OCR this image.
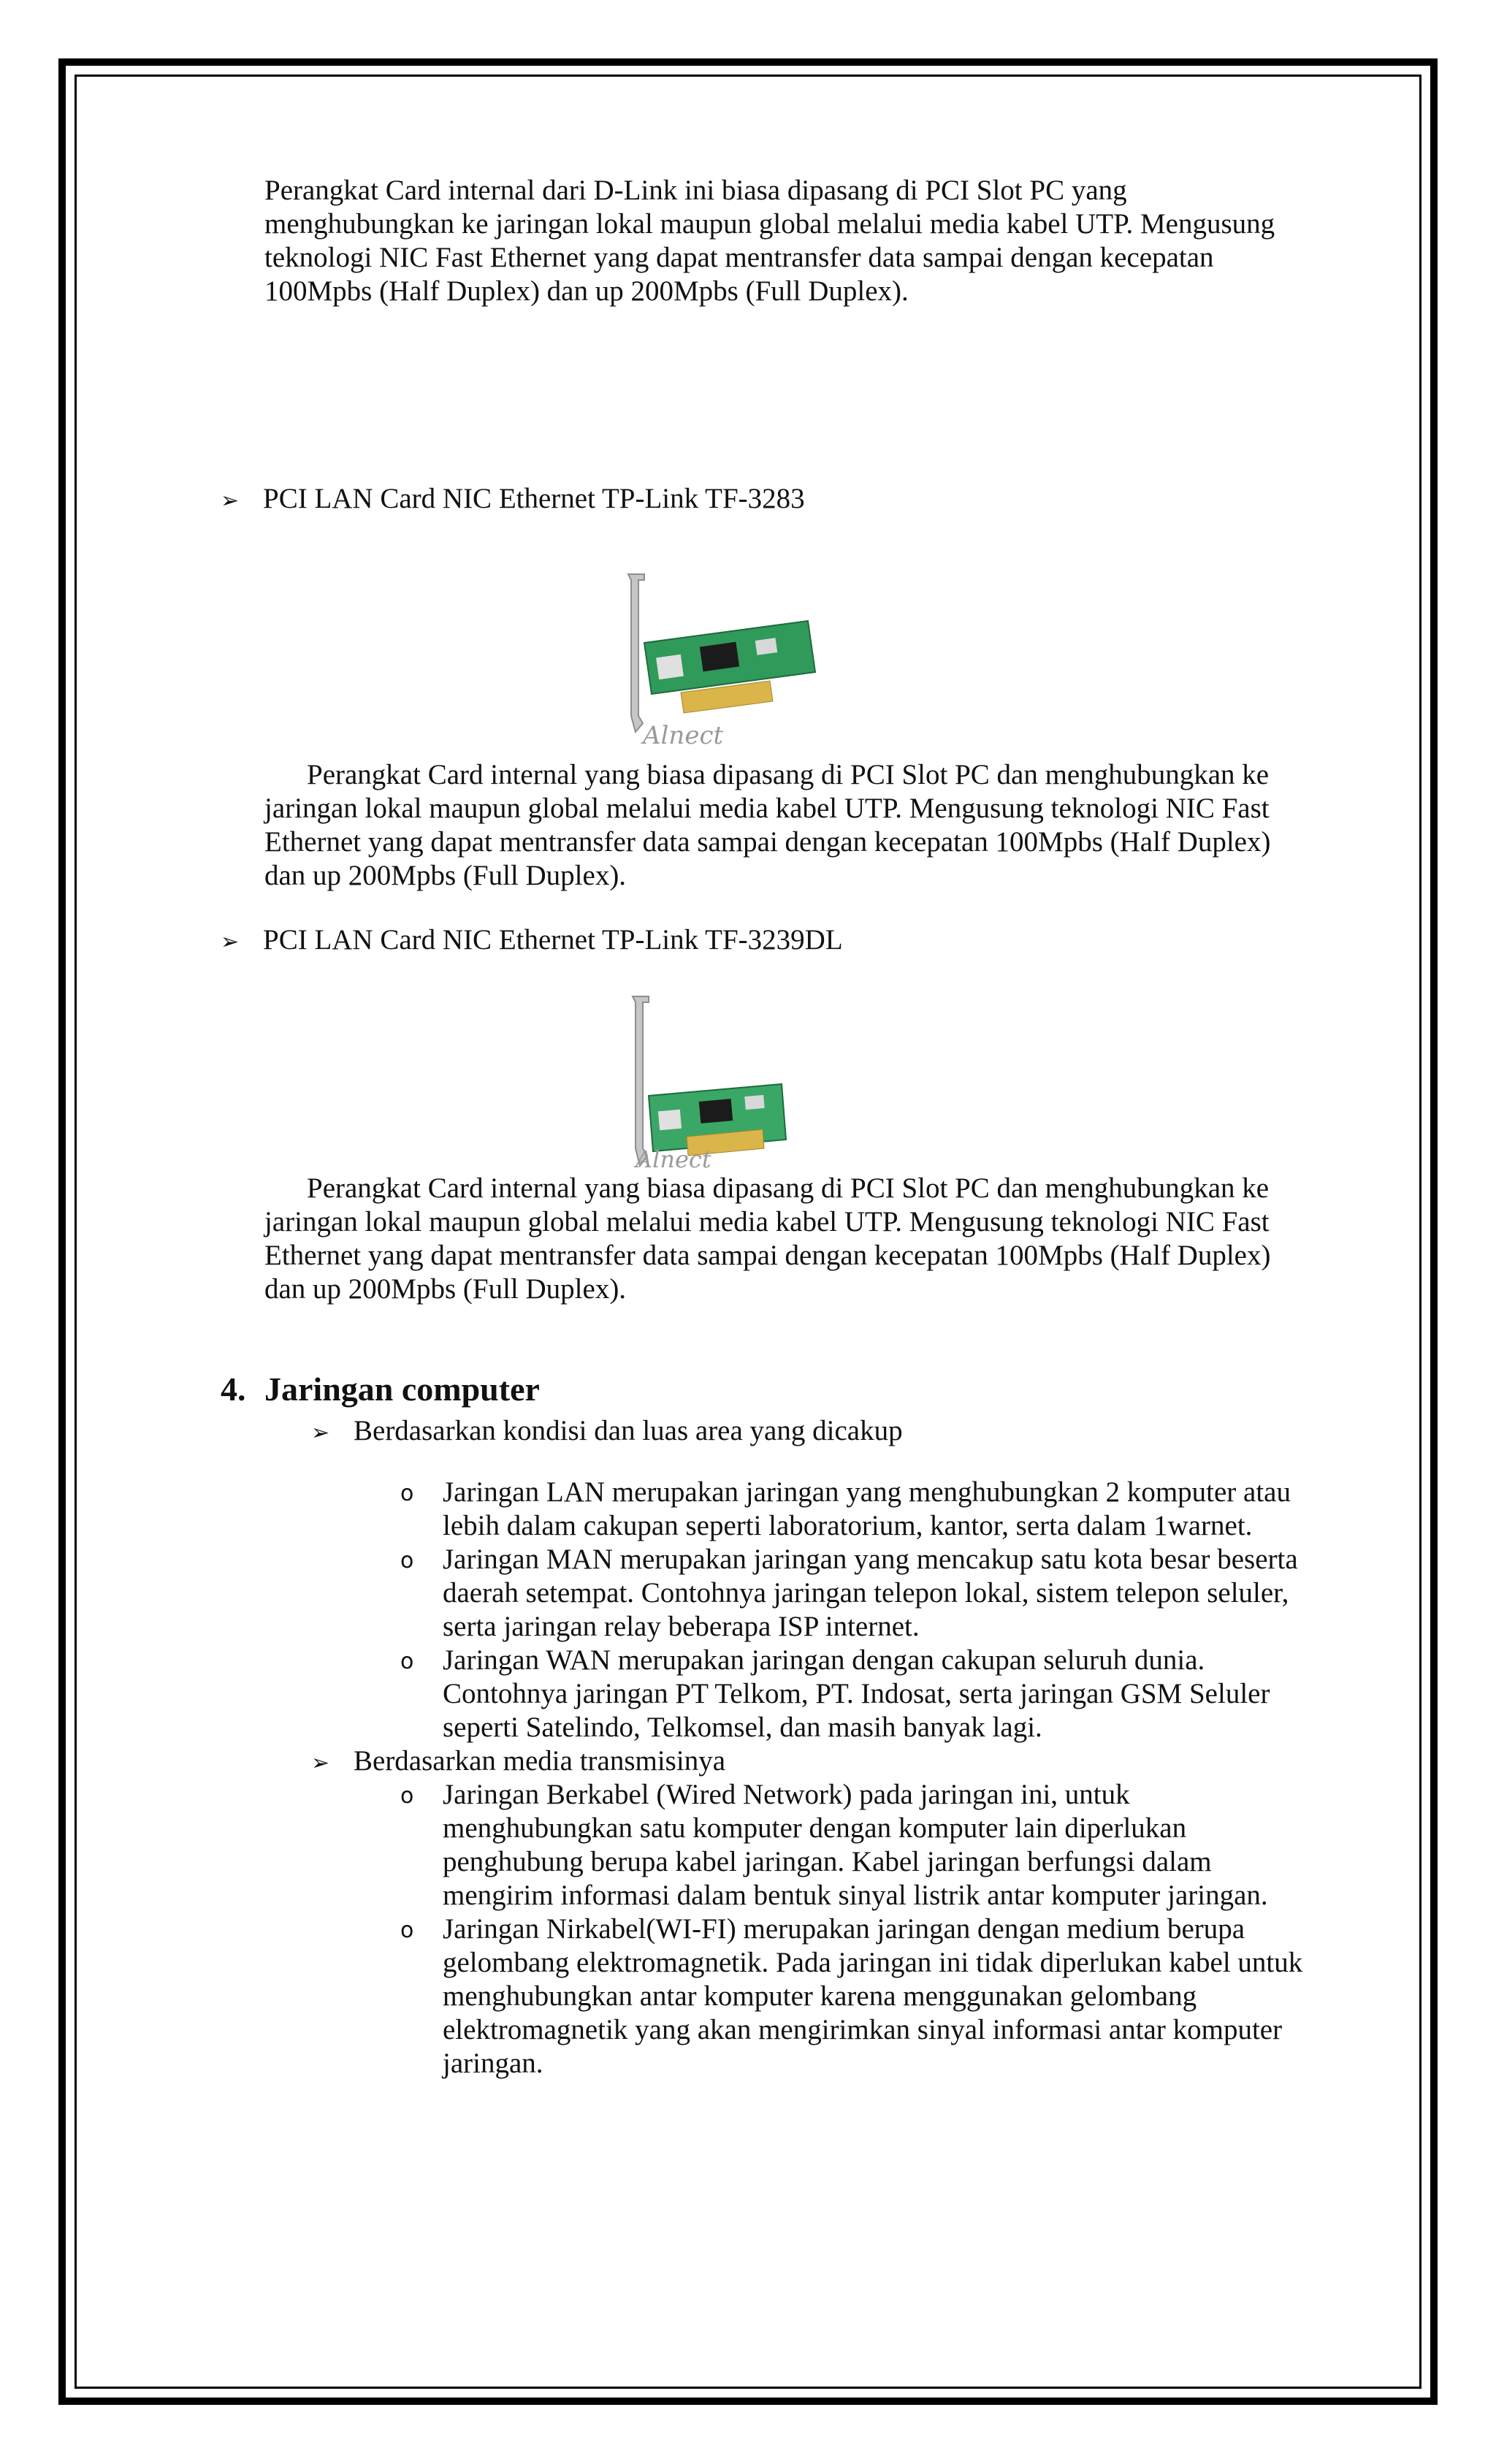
Perangkat Card internal dari D-Link ini biasa dipasang di PCI Slot PC yang menghubungkan ke jaringan lokal maupun global melalui media kabel UTP. Mengusung teknologi NIC Fast Ethernet yang dapat mentransfer data sampai dengan kecepatan 100Mpbs (Half Duplex) dan up 200Mpbs (Full Duplex).

➢ PCI LAN Card NIC Ethernet TP-Link TF-3283
Alnect

Perangkat Card internal yang biasa dipasang di PCI Slot PC dan menghubungkan ke jaringan lokal maupun global melalui media kabel UTP. Mengusung teknologi NIC Fast Ethernet yang dapat mentransfer data sampai dengan kecepatan 100Mpbs (Half Duplex) dan up 200Mpbs (Full Duplex).

➢ PCI LAN Card NIC Ethernet TP-Link TF-3239DL
Alnect

Perangkat Card internal yang biasa dipasang di PCI Slot PC dan menghubungkan ke jaringan lokal maupun global melalui media kabel UTP. Mengusung teknologi NIC Fast Ethernet yang dapat mentransfer data sampai dengan kecepatan 100Mpbs (Half Duplex) dan up 200Mpbs (Full Duplex).

4. Jaringan computer
➢ Berdasarkan kondisi dan luas area yang dicakup
o	Jaringan LAN merupakan jaringan yang menghubungkan 2 komputer atau lebih dalam cakupan seperti laboratorium, kantor, serta dalam 1warnet.
o	Jaringan MAN merupakan jaringan yang mencakup satu kota besar beserta daerah setempat. Contohnya jaringan telepon lokal, sistem telepon seluler, serta jaringan relay beberapa ISP internet.
o	Jaringan WAN merupakan jaringan dengan cakupan seluruh dunia. Contohnya jaringan PT Telkom, PT. Indosat, serta jaringan GSM Seluler seperti Satelindo, Telkomsel, dan masih banyak lagi.
➢ Berdasarkan media transmisinya
o	Jaringan Berkabel (Wired Network) pada jaringan ini, untuk menghubungkan satu komputer dengan komputer lain diperlukan penghubung berupa kabel jaringan. Kabel jaringan berfungsi dalam mengirim informasi dalam bentuk sinyal listrik antar komputer jaringan.
o	Jaringan Nirkabel(WI-FI) merupakan jaringan dengan medium berupa gelombang elektromagnetik. Pada jaringan ini tidak diperlukan kabel untuk menghubungkan antar komputer karena menggunakan gelombang elektromagnetik yang akan mengirimkan sinyal informasi antar komputer jaringan.
